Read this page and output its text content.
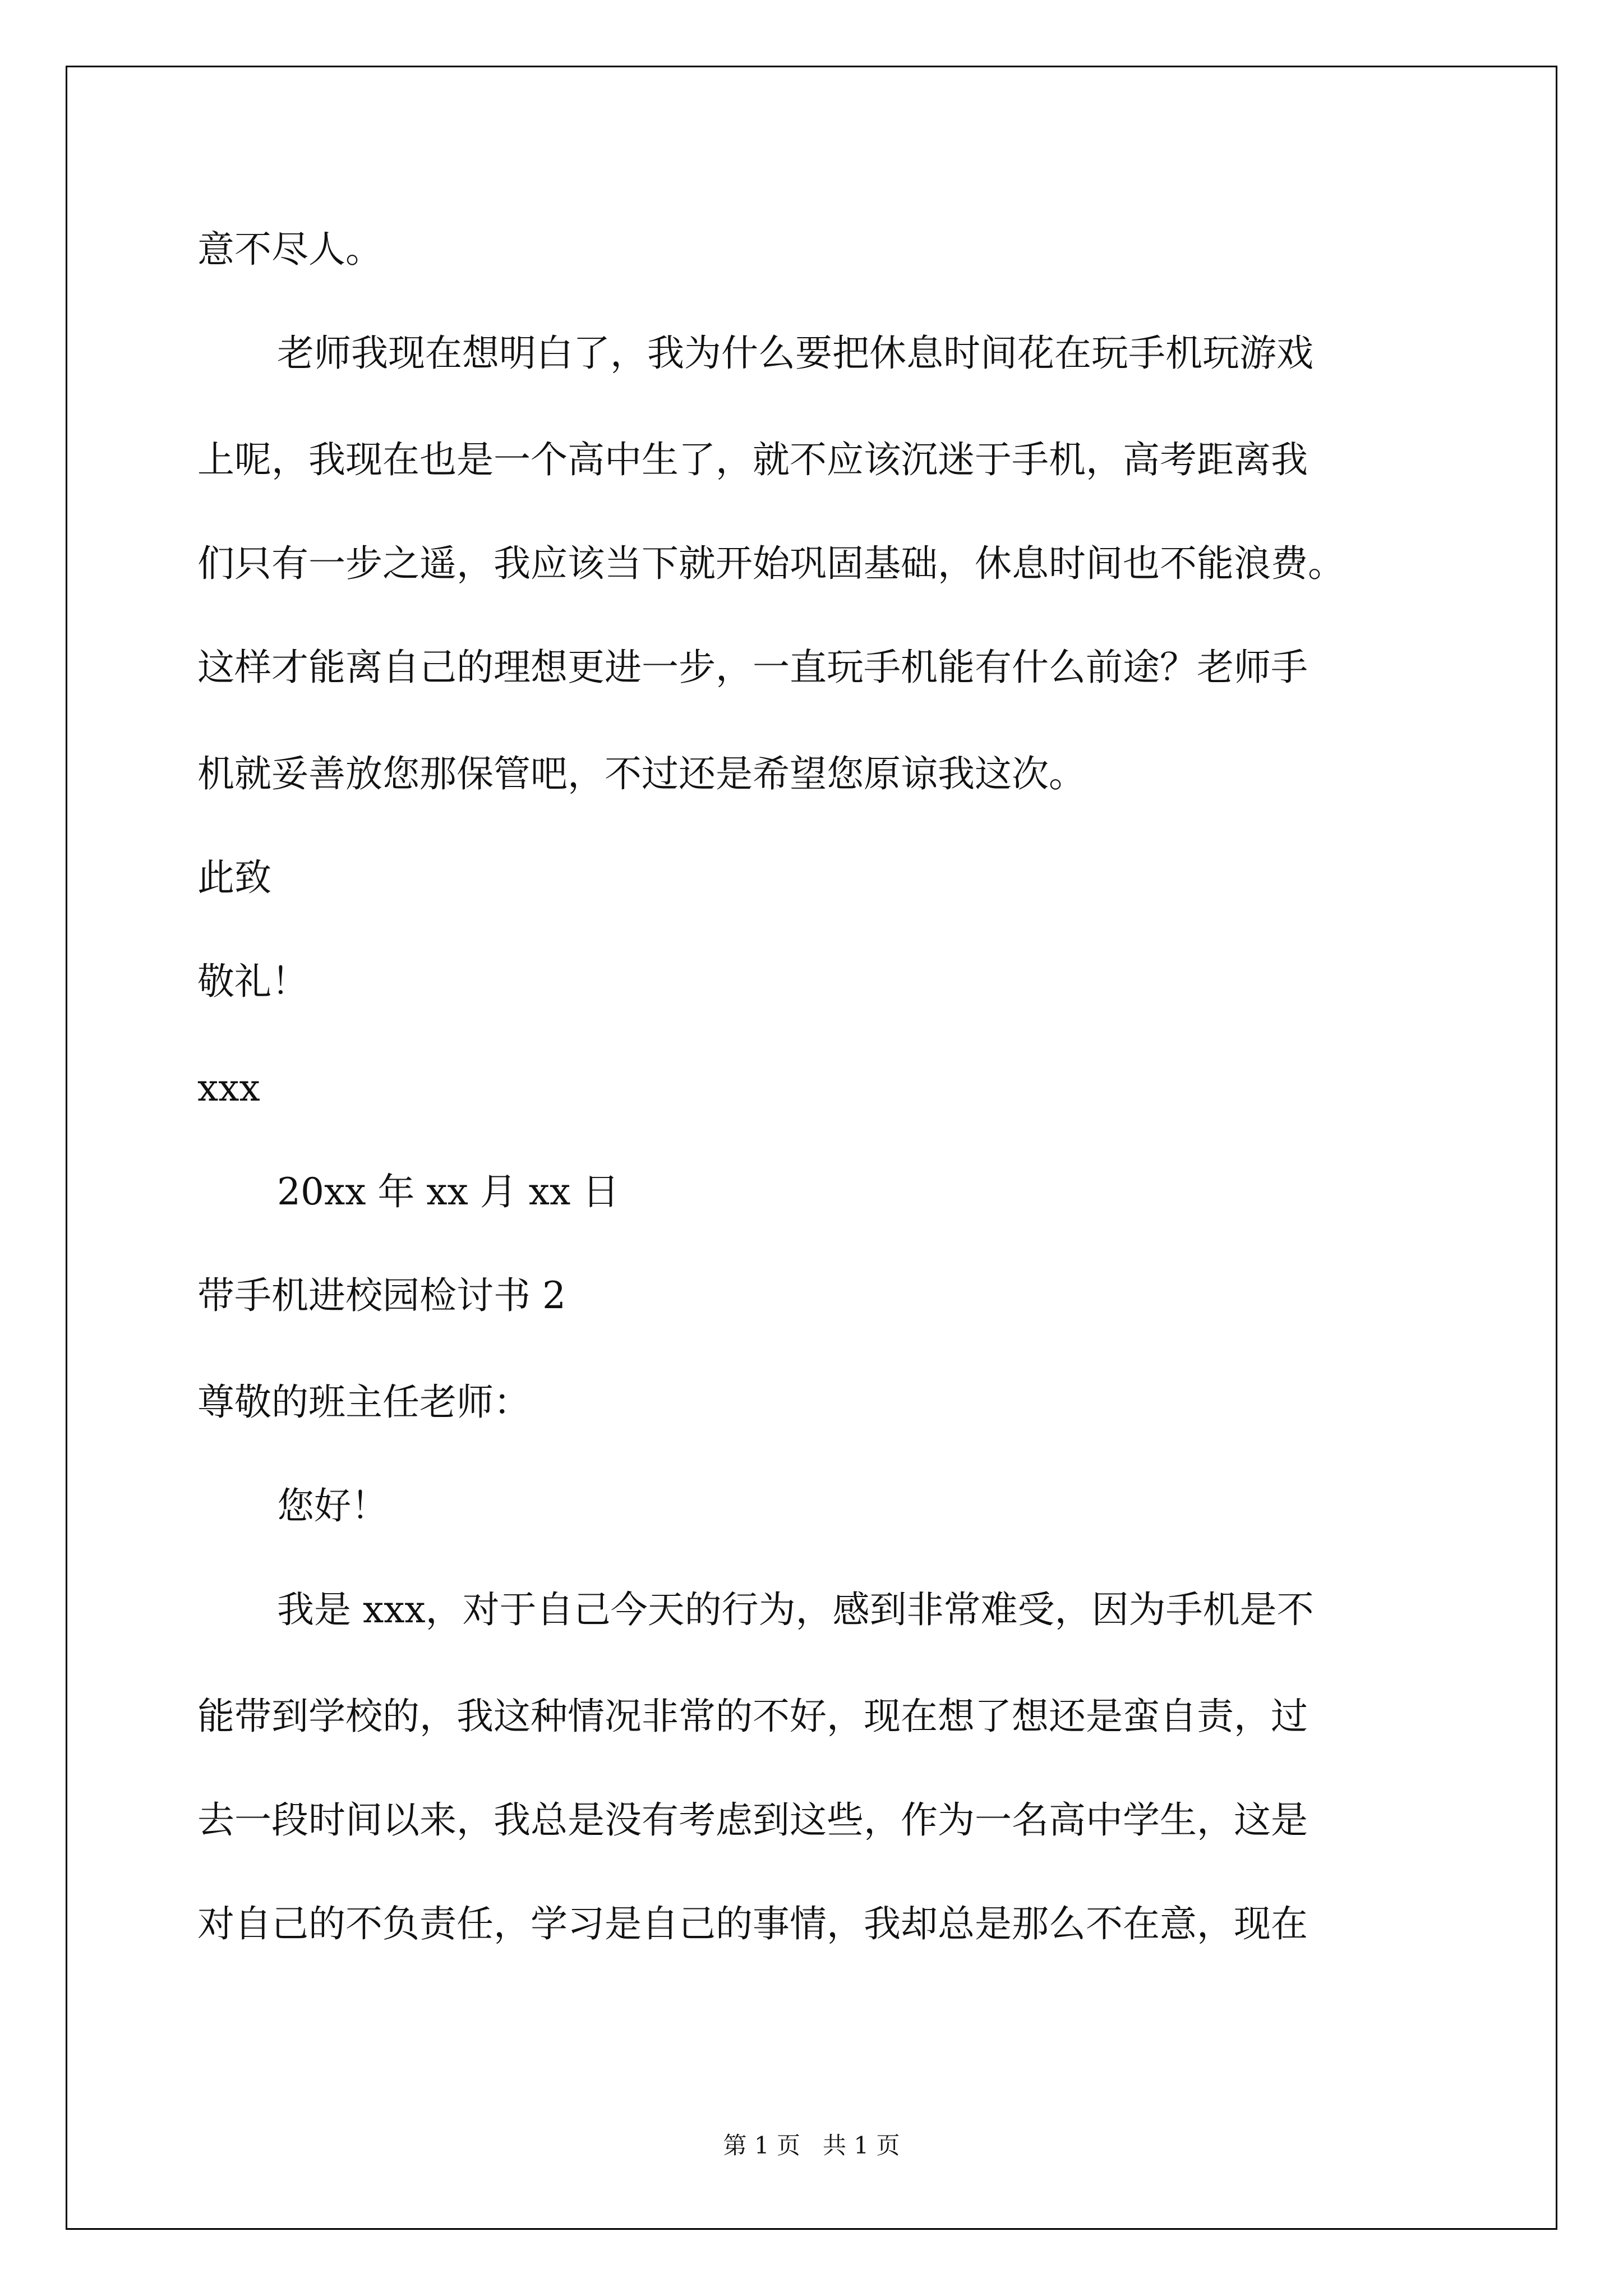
意不尽人。

老师我现在想明白了，我为什么要把休息时间花在玩手机玩游戏

上呢，我现在也是一个高中生了，就不应该沉迷于手机，高考距离我

们只有一步之遥，我应该当下就开始巩固基础，休息时间也不能浪费。

这样才能离自己的理想更进一步，一直玩手机能有什么前途？老师手

机就妥善放您那保管吧，不过还是希望您原谅我这次。

此致

敬礼！

xxx

20xx 年 xx 月 xx 日

带手机进校园检讨书 2

尊敬的班主任老师：

您好！

我是 xxx，对于自己今天的行为，感到非常难受，因为手机是不

能带到学校的，我这种情况非常的不好，现在想了想还是蛮自责，过

去一段时间以来，我总是没有考虑到这些，作为一名高中学生，这是

对自己的不负责任，学习是自己的事情，我却总是那么不在意，现在

第 1 页   共 1 页
